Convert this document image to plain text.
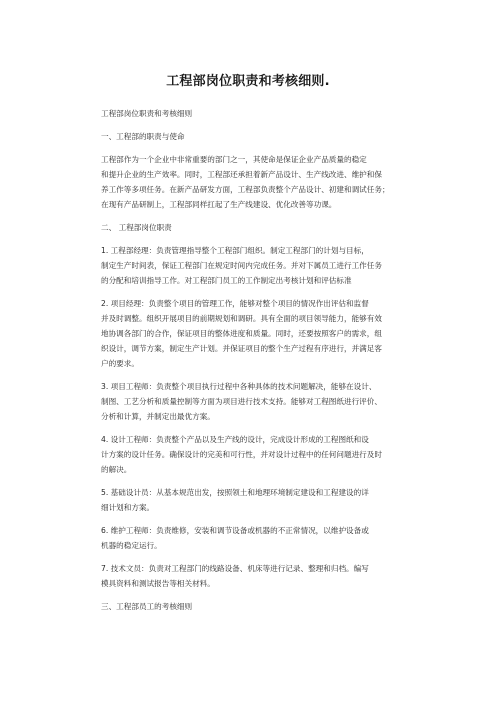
工程部岗位职责和考核细则.

工程部岗位职责和考核细则

一、工程部的职责与使命

工程部作为一个企业中非常重要的部门之一，其使命是保证企业产品质量的稳定

和提升企业的生产效率。同时，工程部还承担着新产品设计、生产线改进、维护和保

养工作等多项任务。在新产品研发方面，工程部负责整个产品设计、初建和调试任务；

在现有产品研制上，工程部同样扛起了生产线建设、优化改善等功课。

二、 工程部岗位职责

1. 工程部经理：负责管理指导整个工程部门组织。制定工程部门的计划与目标，

制定生产时间表，保证工程部门在规定时间内完成任务。并对下属员工进行工作任务

的分配和培训指导工作。对工程部门员工的工作制定出考核计划和评估标准

2. 项目经理：负责整个项目的管理工作，能够对整个项目的情况作出评估和监督

并及时调整。组织开展项目的前期规划和调研。具有全面的项目领导能力，能够有效

地协调各部门的合作，保证项目的整体进度和质量。同时，还要按照客户的需求，组

织设计，调节方案，制定生产计划。并保证项目的整个生产过程有序进行，并满足客

户的要求。

3. 项目工程师：负责整个项目执行过程中各种具体的技术问题解决，能够在设计、

制图、工艺分析和质量控制等方面为项目进行技术支持。能够对工程图纸进行评价、

分析和计算，并制定出最优方案。

4. 设计工程师：负责整个产品以及生产线的设计，完成设计形成的工程图纸和设

计方案的设计任务。确保设计的完美和可行性，并对设计过程中的任何问题进行及时

的解决。

5. 基础设计员：从基本规范出发，按照领土和地理环境制定建设和工程建设的详

细计划和方案。

6. 维护工程师：负责维修，安装和调节设备或机器的不正常情况，以维护设备或

机器的稳定运行。

7. 技术文员：负责对工程部门的线路设备、机床等进行记录、整理和归档。编写

模具资料和测试报告等相关材料。

三、工程部员工的考核细则
